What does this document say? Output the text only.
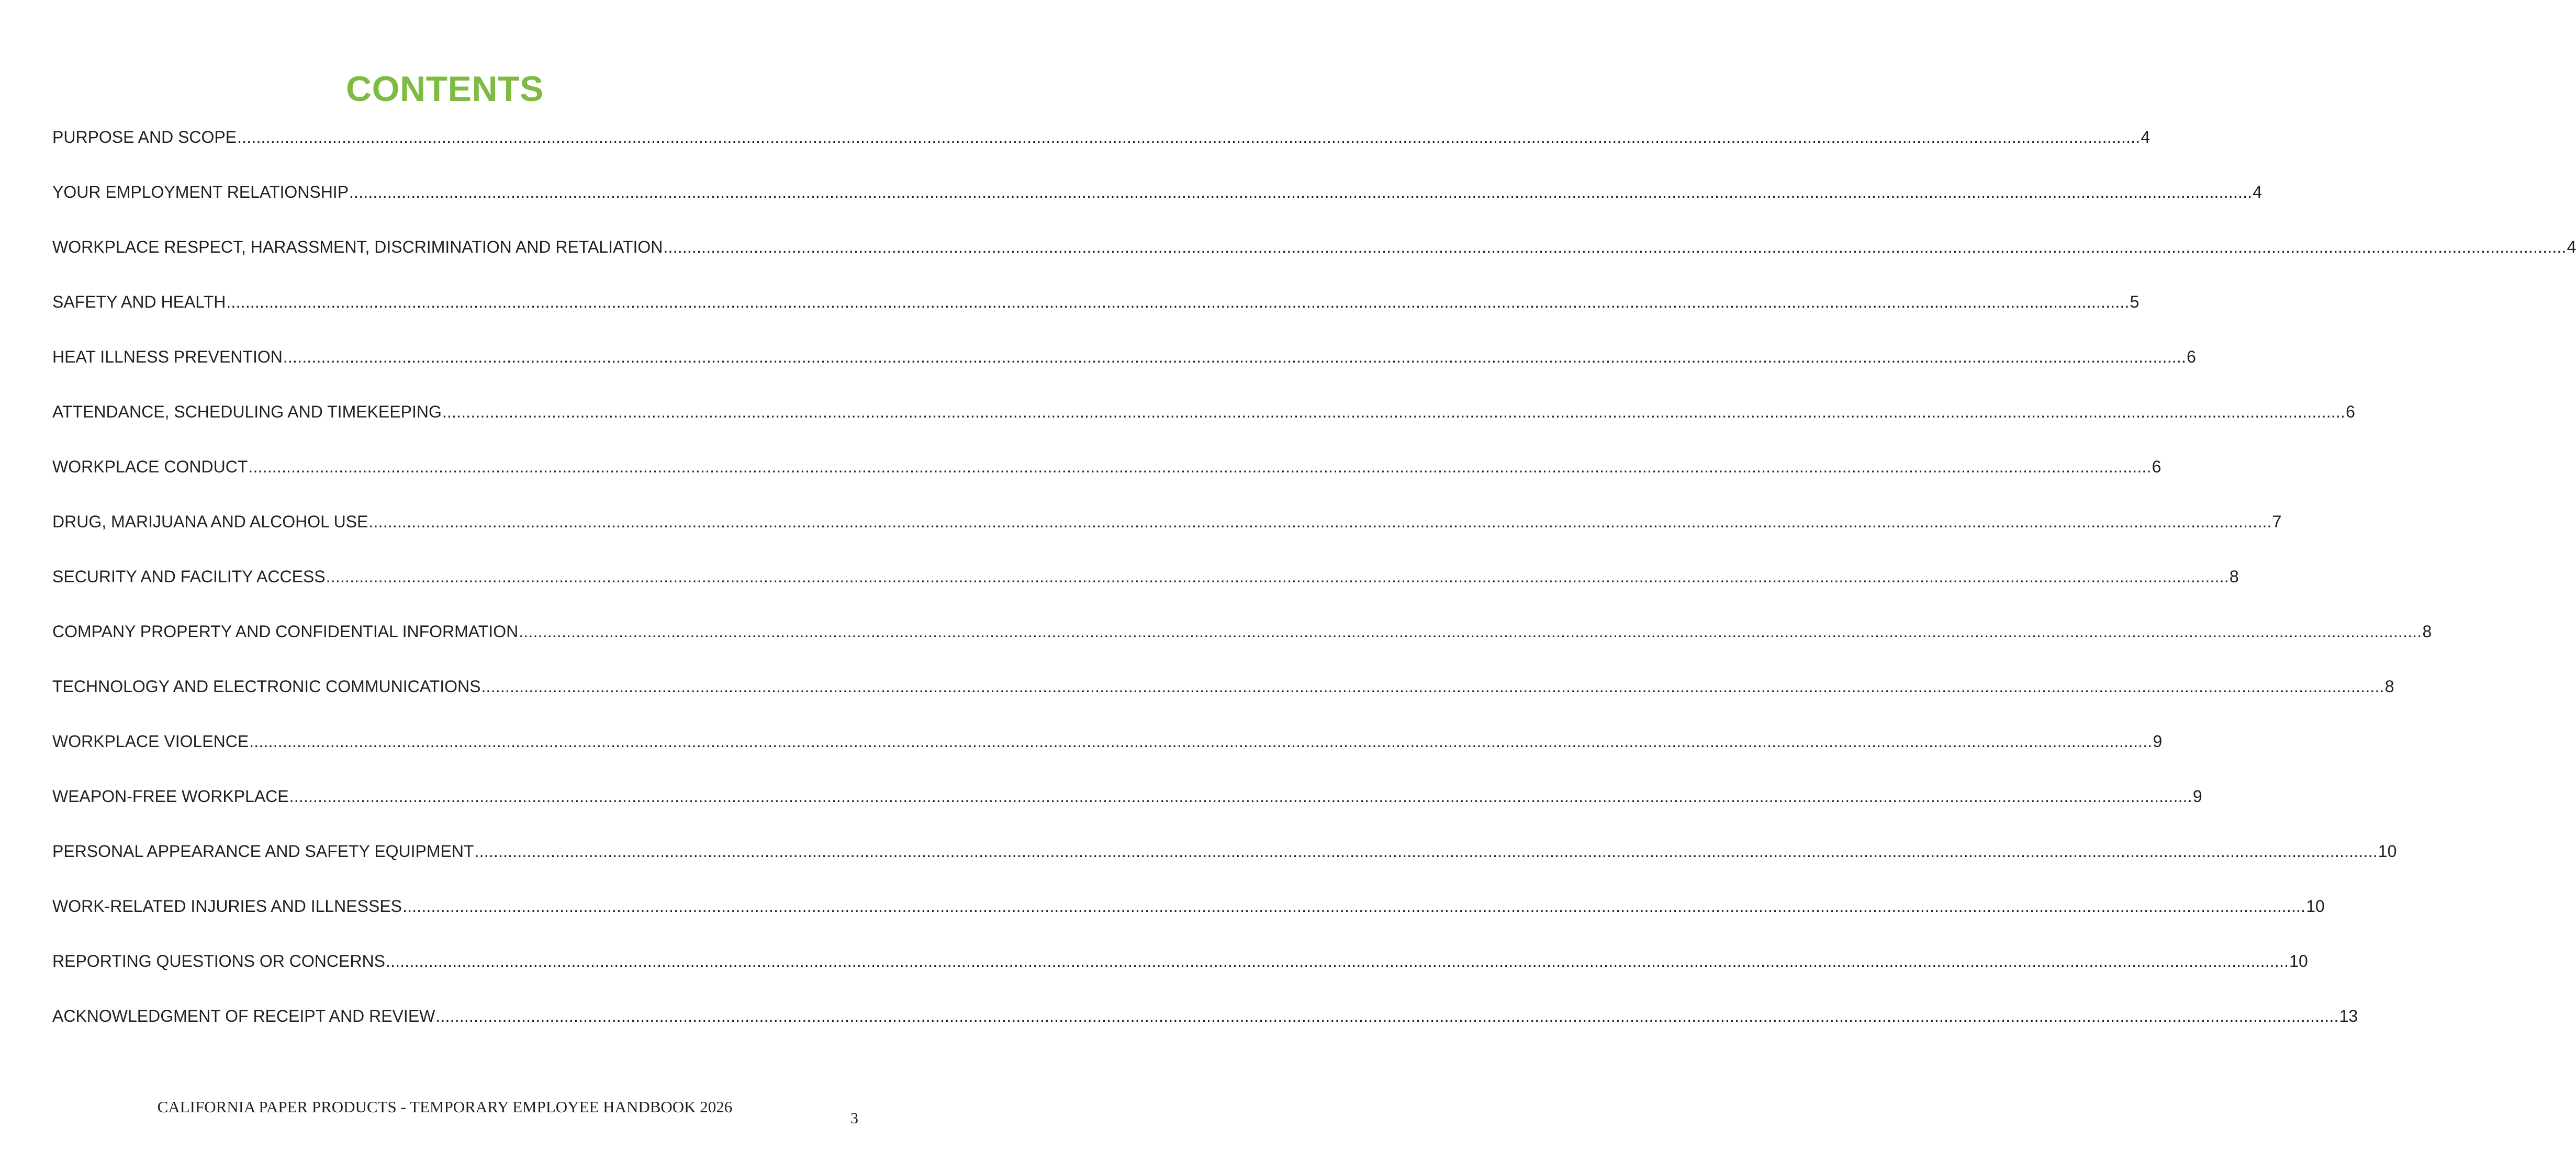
CONTENTS
PURPOSE AND SCOPE ................................................................................................................................................................................................................................................................................................................................................................................................................ 4
YOUR EMPLOYMENT RELATIONSHIP ................................................................................................................................................................................................................................................................................................................................................................................................................ 4
WORKPLACE RESPECT, HARASSMENT, DISCRIMINATION AND RETALIATION ................................................................................................................................................................................................................................................................................................................................................................................................................ 4
SAFETY AND HEALTH ................................................................................................................................................................................................................................................................................................................................................................................................................ 5
HEAT ILLNESS PREVENTION ................................................................................................................................................................................................................................................................................................................................................................................................................ 6
ATTENDANCE, SCHEDULING AND TIMEKEEPING ................................................................................................................................................................................................................................................................................................................................................................................................................ 6
WORKPLACE CONDUCT ................................................................................................................................................................................................................................................................................................................................................................................................................ 6
DRUG, MARIJUANA AND ALCOHOL USE ................................................................................................................................................................................................................................................................................................................................................................................................................ 7
SECURITY AND FACILITY ACCESS ................................................................................................................................................................................................................................................................................................................................................................................................................ 8
COMPANY PROPERTY AND CONFIDENTIAL INFORMATION ................................................................................................................................................................................................................................................................................................................................................................................................................ 8
TECHNOLOGY AND ELECTRONIC COMMUNICATIONS ................................................................................................................................................................................................................................................................................................................................................................................................................ 8
WORKPLACE VIOLENCE ................................................................................................................................................................................................................................................................................................................................................................................................................ 9
WEAPON-FREE WORKPLACE ................................................................................................................................................................................................................................................................................................................................................................................................................ 9
PERSONAL APPEARANCE AND SAFETY EQUIPMENT ................................................................................................................................................................................................................................................................................................................................................................................................................ 10
WORK-RELATED INJURIES AND ILLNESSES ................................................................................................................................................................................................................................................................................................................................................................................................................ 10
REPORTING QUESTIONS OR CONCERNS ................................................................................................................................................................................................................................................................................................................................................................................................................ 10
ACKNOWLEDGMENT OF RECEIPT AND REVIEW ................................................................................................................................................................................................................................................................................................................................................................................................................ 13
CALIFORNIA PAPER PRODUCTS - TEMPORARY EMPLOYEE HANDBOOK 2026
3
